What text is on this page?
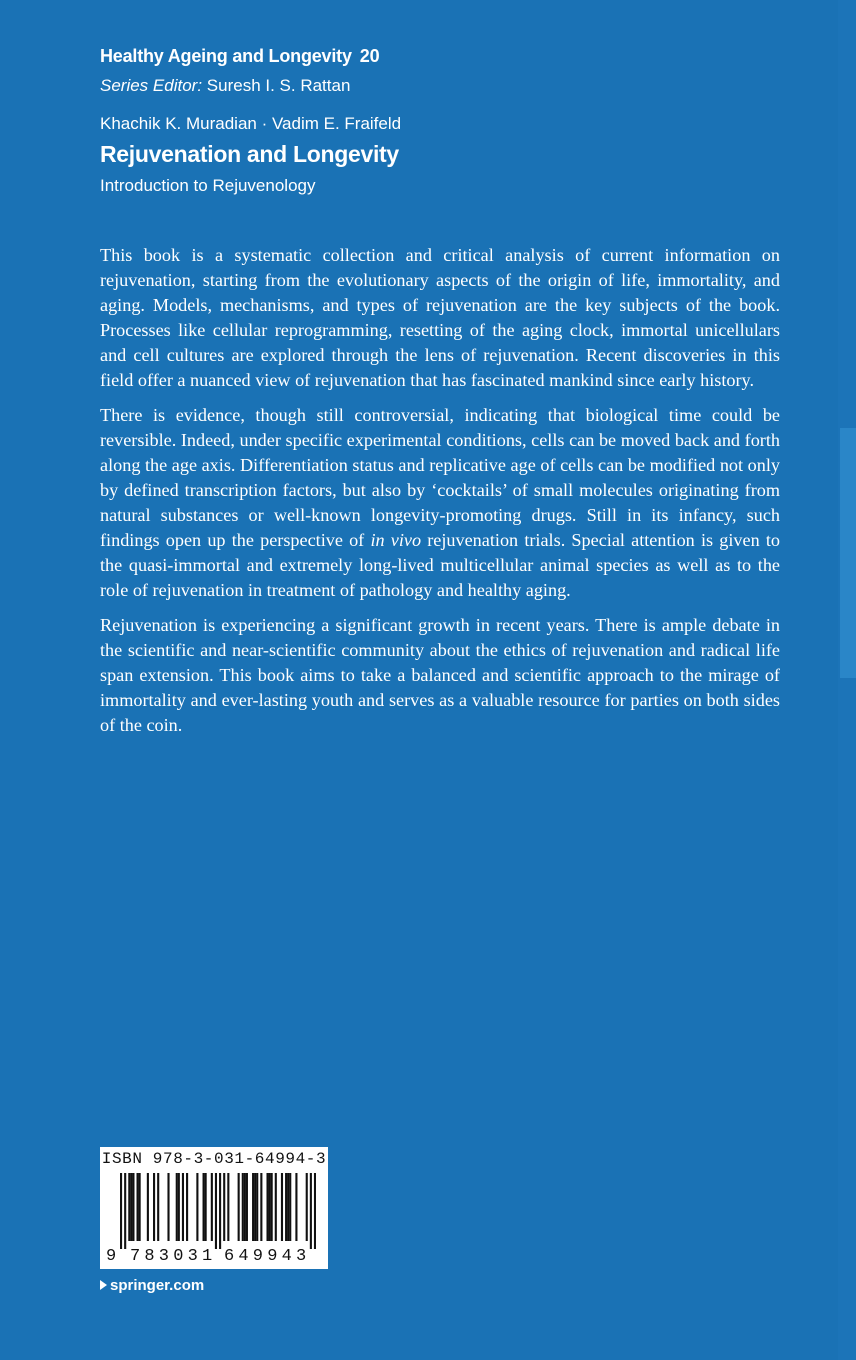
Healthy Ageing and Longevity 20
Series Editor: Suresh I. S. Rattan
Khachik K. Muradian · Vadim E. Fraifeld
Rejuvenation and Longevity
Introduction to Rejuvenology

This book is a systematic collection and critical analysis of current information on rejuvenation, starting from the evolutionary aspects of the origin of life, immortality, and aging. Models, mechanisms, and types of rejuvenation are the key subjects of the book. Processes like cellular reprogramming, resetting of the aging clock, immortal unicellulars and cell cultures are explored through the lens of rejuvenation. Recent discoveries in this field offer a nuanced view of rejuvenation that has fascinated mankind since early history.

There is evidence, though still controversial, indicating that biological time could be reversible. Indeed, under specific experimental conditions, cells can be moved back and forth along the age axis. Differentiation status and replicative age of cells can be modified not only by defined transcription factors, but also by ‘cocktails’ of small molecules originating from natural substances or well-known longevity-promoting drugs. Still in its infancy, such findings open up the perspective of in vivo rejuvenation trials. Special attention is given to the quasi-immortal and extremely long-lived multicellular animal species as well as to the role of rejuvenation in treatment of pathology and healthy aging.

Rejuvenation is experiencing a significant growth in recent years. There is ample debate in the scientific and near-scientific community about the ethics of rejuvenation and radical life span extension. This book aims to take a balanced and scientific approach to the mirage of immortality and ever-lasting youth and serves as a valuable resource for parties on both sides of the coin.

ISBN 978-3-031-64994-3
9 783031 649943
springer.com
